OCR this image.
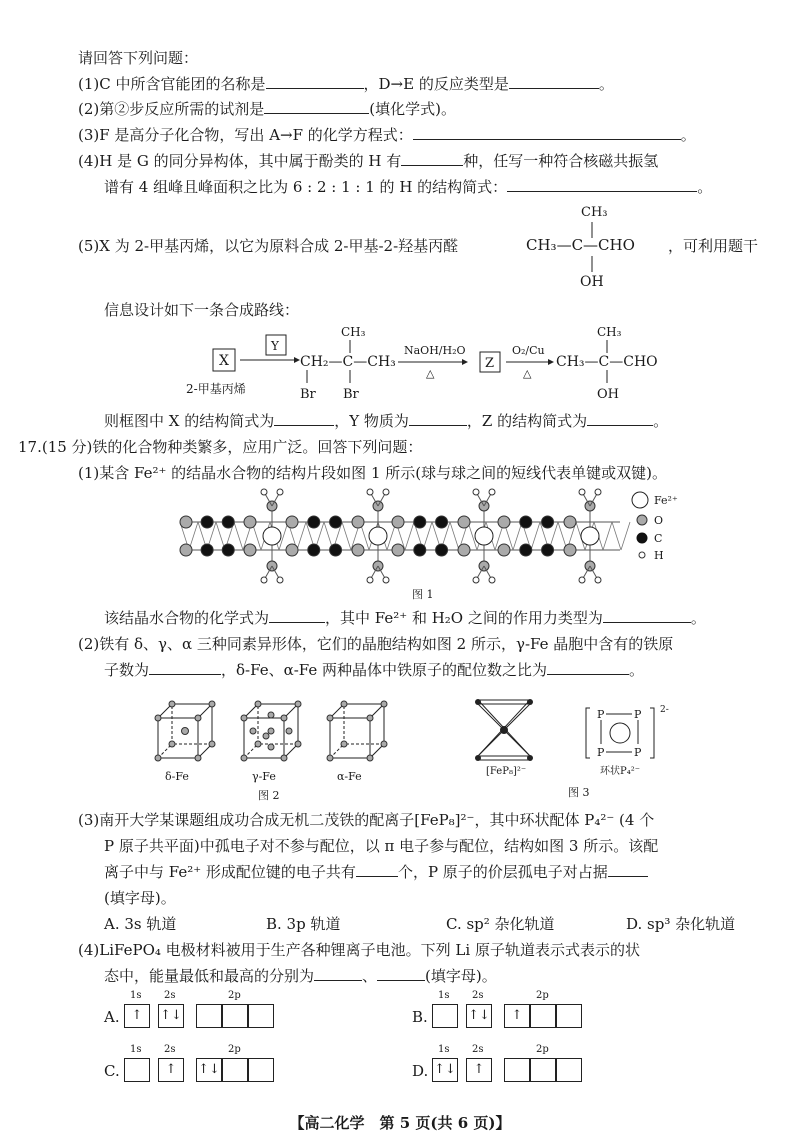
请回答下列问题：
(1)C 中所含官能团的名称是	，D→E 的反应类型是	。
(2)第②步反应所需的试剂是	(填化学式)。
(3)F 是高分子化合物，写出 A→F 的化学方程式：	。
(4)H 是 G 的同分异构体，其中属于酚类的 H 有	种，任写一种符合核磁共振氢
谱有 4 组峰且峰面积之比为 6 : 2 : 1 : 1 的 H 的结构简式：	。
(5)X 为 2-甲基丙烯，以它为原料合成 2-甲基-2-羟基丙醛
CH₃
CH₃—C—CHO
OH
，可利用题干
信息设计如下一条合成路线：
X
2-甲基丙烯
Y
CH₃
CH₂—C—CH₃
Br Br
NaOH/H₂O
△
Z
O₂/Cu
△
CH₃
CH₃—C—CHO
OH
则框图中 X 的结构简式为	，Y 物质为	，Z 的结构简式为	。
17.(15 分)铁的化合物种类繁多，应用广泛。回答下列问题：
(1)某含 Fe²⁺ 的结晶水合物的结构片段如图 1 所示(球与球之间的短线代表单键或双键)。
图 1
Fe²⁺
O
C
H
该结晶水合物的化学式为	，其中 Fe²⁺ 和 H₂O 之间的作用力类型为	。
(2)铁有 δ、γ、α 三种同素异形体，它们的晶胞结构如图 2 所示，γ-Fe 晶胞中含有的铁原
子数为	，δ-Fe、α-Fe 两种晶体中铁原子的配位数之比为	。
δ-Fe	γ-Fe	α-Fe
图 2
[FeP₈]²⁻
2-
P	P
P	P
环状P₄²⁻
图 3
(3)南开大学某课题组成功合成无机二茂铁的配离子[FeP₈]²⁻，其中环状配体 P₄²⁻ (4 个
P 原子共平面)中孤电子对不参与配位，以 π 电子参与配位，结构如图 3 所示。该配
离子中与 Fe²⁺ 形成配位键的电子共有	个，P 原子的价层孤电子对占据
(填字母)。
A. 3s 轨道	B. 3p 轨道	C. sp² 杂化轨道	D. sp³ 杂化轨道
(4)LiFePO₄ 电极材料被用于生产各种锂离子电池。下列 Li 原子轨道表示式表示的状
态中，能量最低和最高的分别为	、	(填字母)。
A. ↑	↑↓
1s 2s	2p
B.	↑↓	↑
1s 2s	2p
C.	↑	↑↓
1s 2s	2p
D. ↑↓	↑
1s 2s	2p
【高二化学　第 5 页(共 6 页)】
